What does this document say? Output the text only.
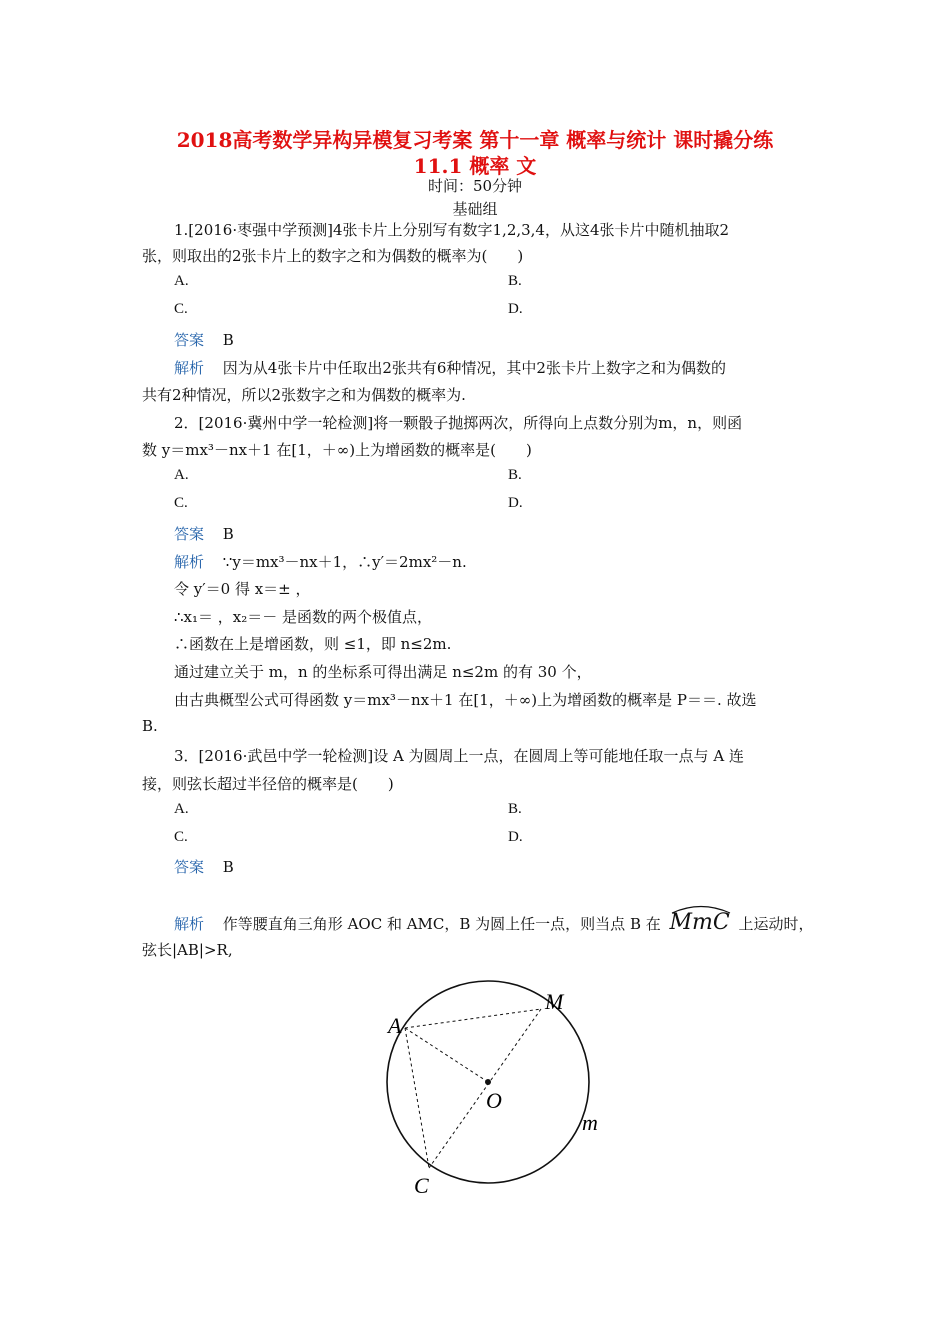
2018高考数学异构异模复习考案 第十一章 概率与统计 课时撬分练
11.1 概率 文
时间：50分钟
基础组
1.[2016·枣强中学预测]4张卡片上分别写有数字1,2,3,4，从这4张卡片中随机抽取2
张，则取出的2张卡片上的数字之和为偶数的概率为(　　)
A.	B.
C.	D.
答案 B
解析 因为从4张卡片中任取出2张共有6种情况，其中2张卡片上数字之和为偶数的
共有2种情况，所以2张数字之和为偶数的概率为.
2．[2016·冀州中学一轮检测]将一颗骰子抛掷两次，所得向上点数分别为m，n，则函
数 y＝mx³－nx＋1 在[1，＋∞)上为增函数的概率是(　　)
A.	B.
C.	D.
答案 B
解析 ∵y＝mx³－nx＋1，∴y′＝2mx²－n.
令 y′＝0 得 x＝± ，
∴x₁＝ ，x₂＝－ 是函数的两个极值点，
∴函数在上是增函数，则 ≤1，即 n≤2m.
通过建立关于 m，n 的坐标系可得出满足 n≤2m 的有 30 个，
由古典概型公式可得函数 y＝mx³－nx＋1 在[1，＋∞)上为增函数的概率是 P＝＝. 故选
B.
3．[2016·武邑中学一轮检测]设 A 为圆周上一点，在圆周上等可能地任取一点与 A 连
接，则弦长超过半径倍的概率是(　　)
A.	B.
C.	D.
答案 B
解析 作等腰直角三角形 AOC 和 AMC，B 为圆上任一点，则当点 B 在 MmC 上运动时，
弦长|AB|>R,
A
M
O
C
m
